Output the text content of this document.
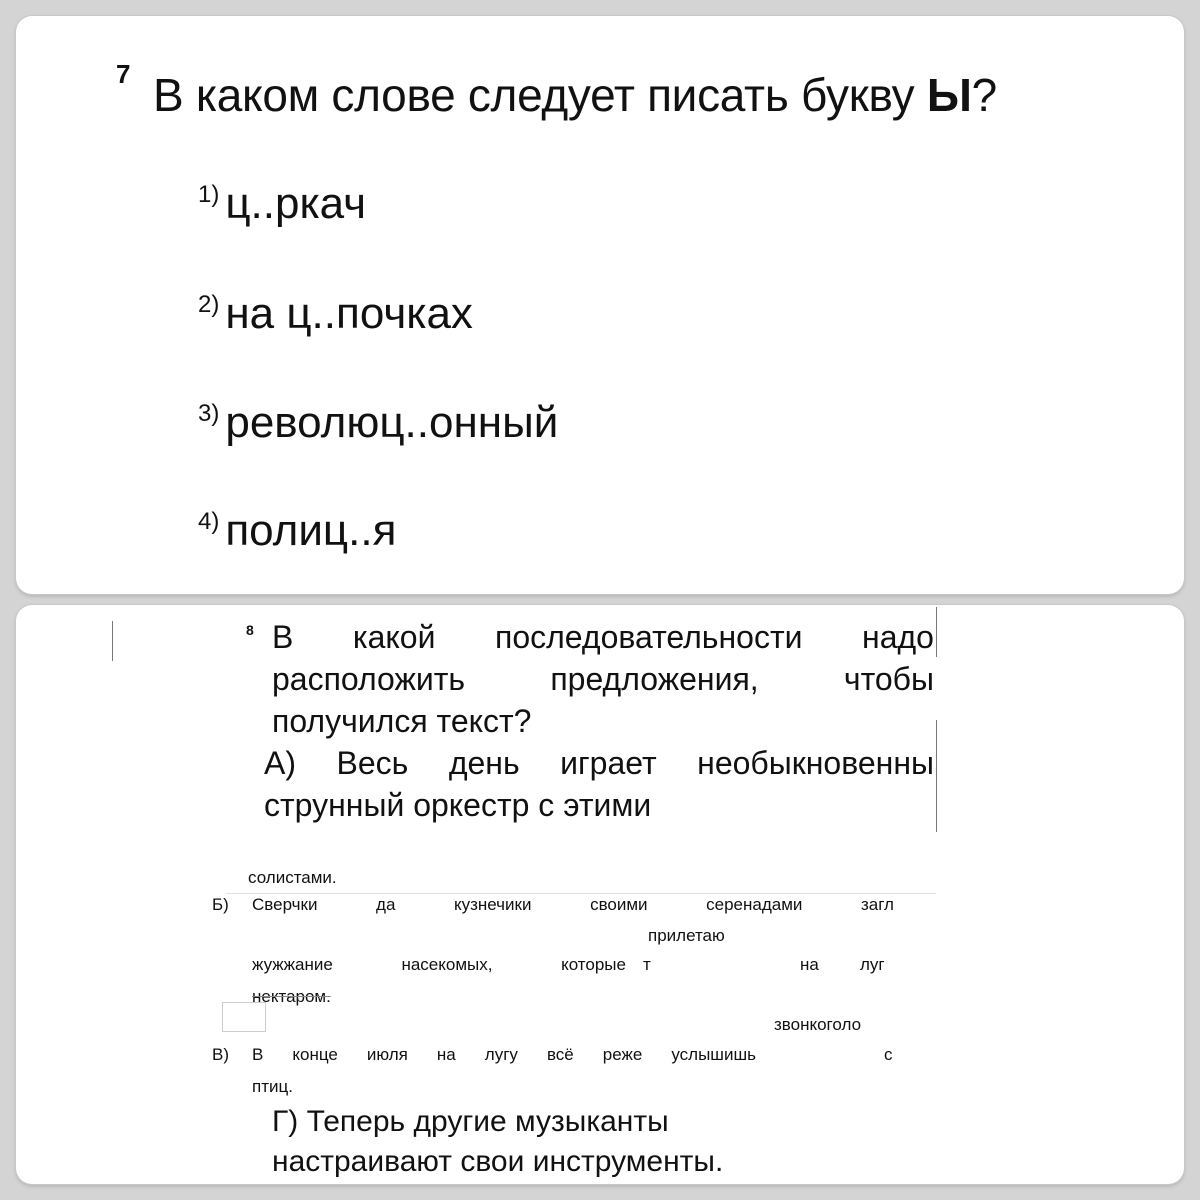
7 В каком слове следует писать букву Ы?
$^{1)}$ ц..ркач
$^{2)}$ на ц..почках
$^{3)}$ революц..онный
$^{4)}$ полиц..я
8 В какой последовательности надо
расположить	предложения,	чтобы
получился текст?
А) Весь день играет необыкновенны
струнный оркестр с этими
солистами.
Б) Сверчки	да	кузнечики	своими	серенадами	загл
прилетаю
жужжание	насекомых,	которые т	на луг
нектаром.
звонкоголо
В) В конце июля на лугу всё реже услышишь	с
птиц.
Г) Теперь другие музыканты
настраивают свои инструменты.
